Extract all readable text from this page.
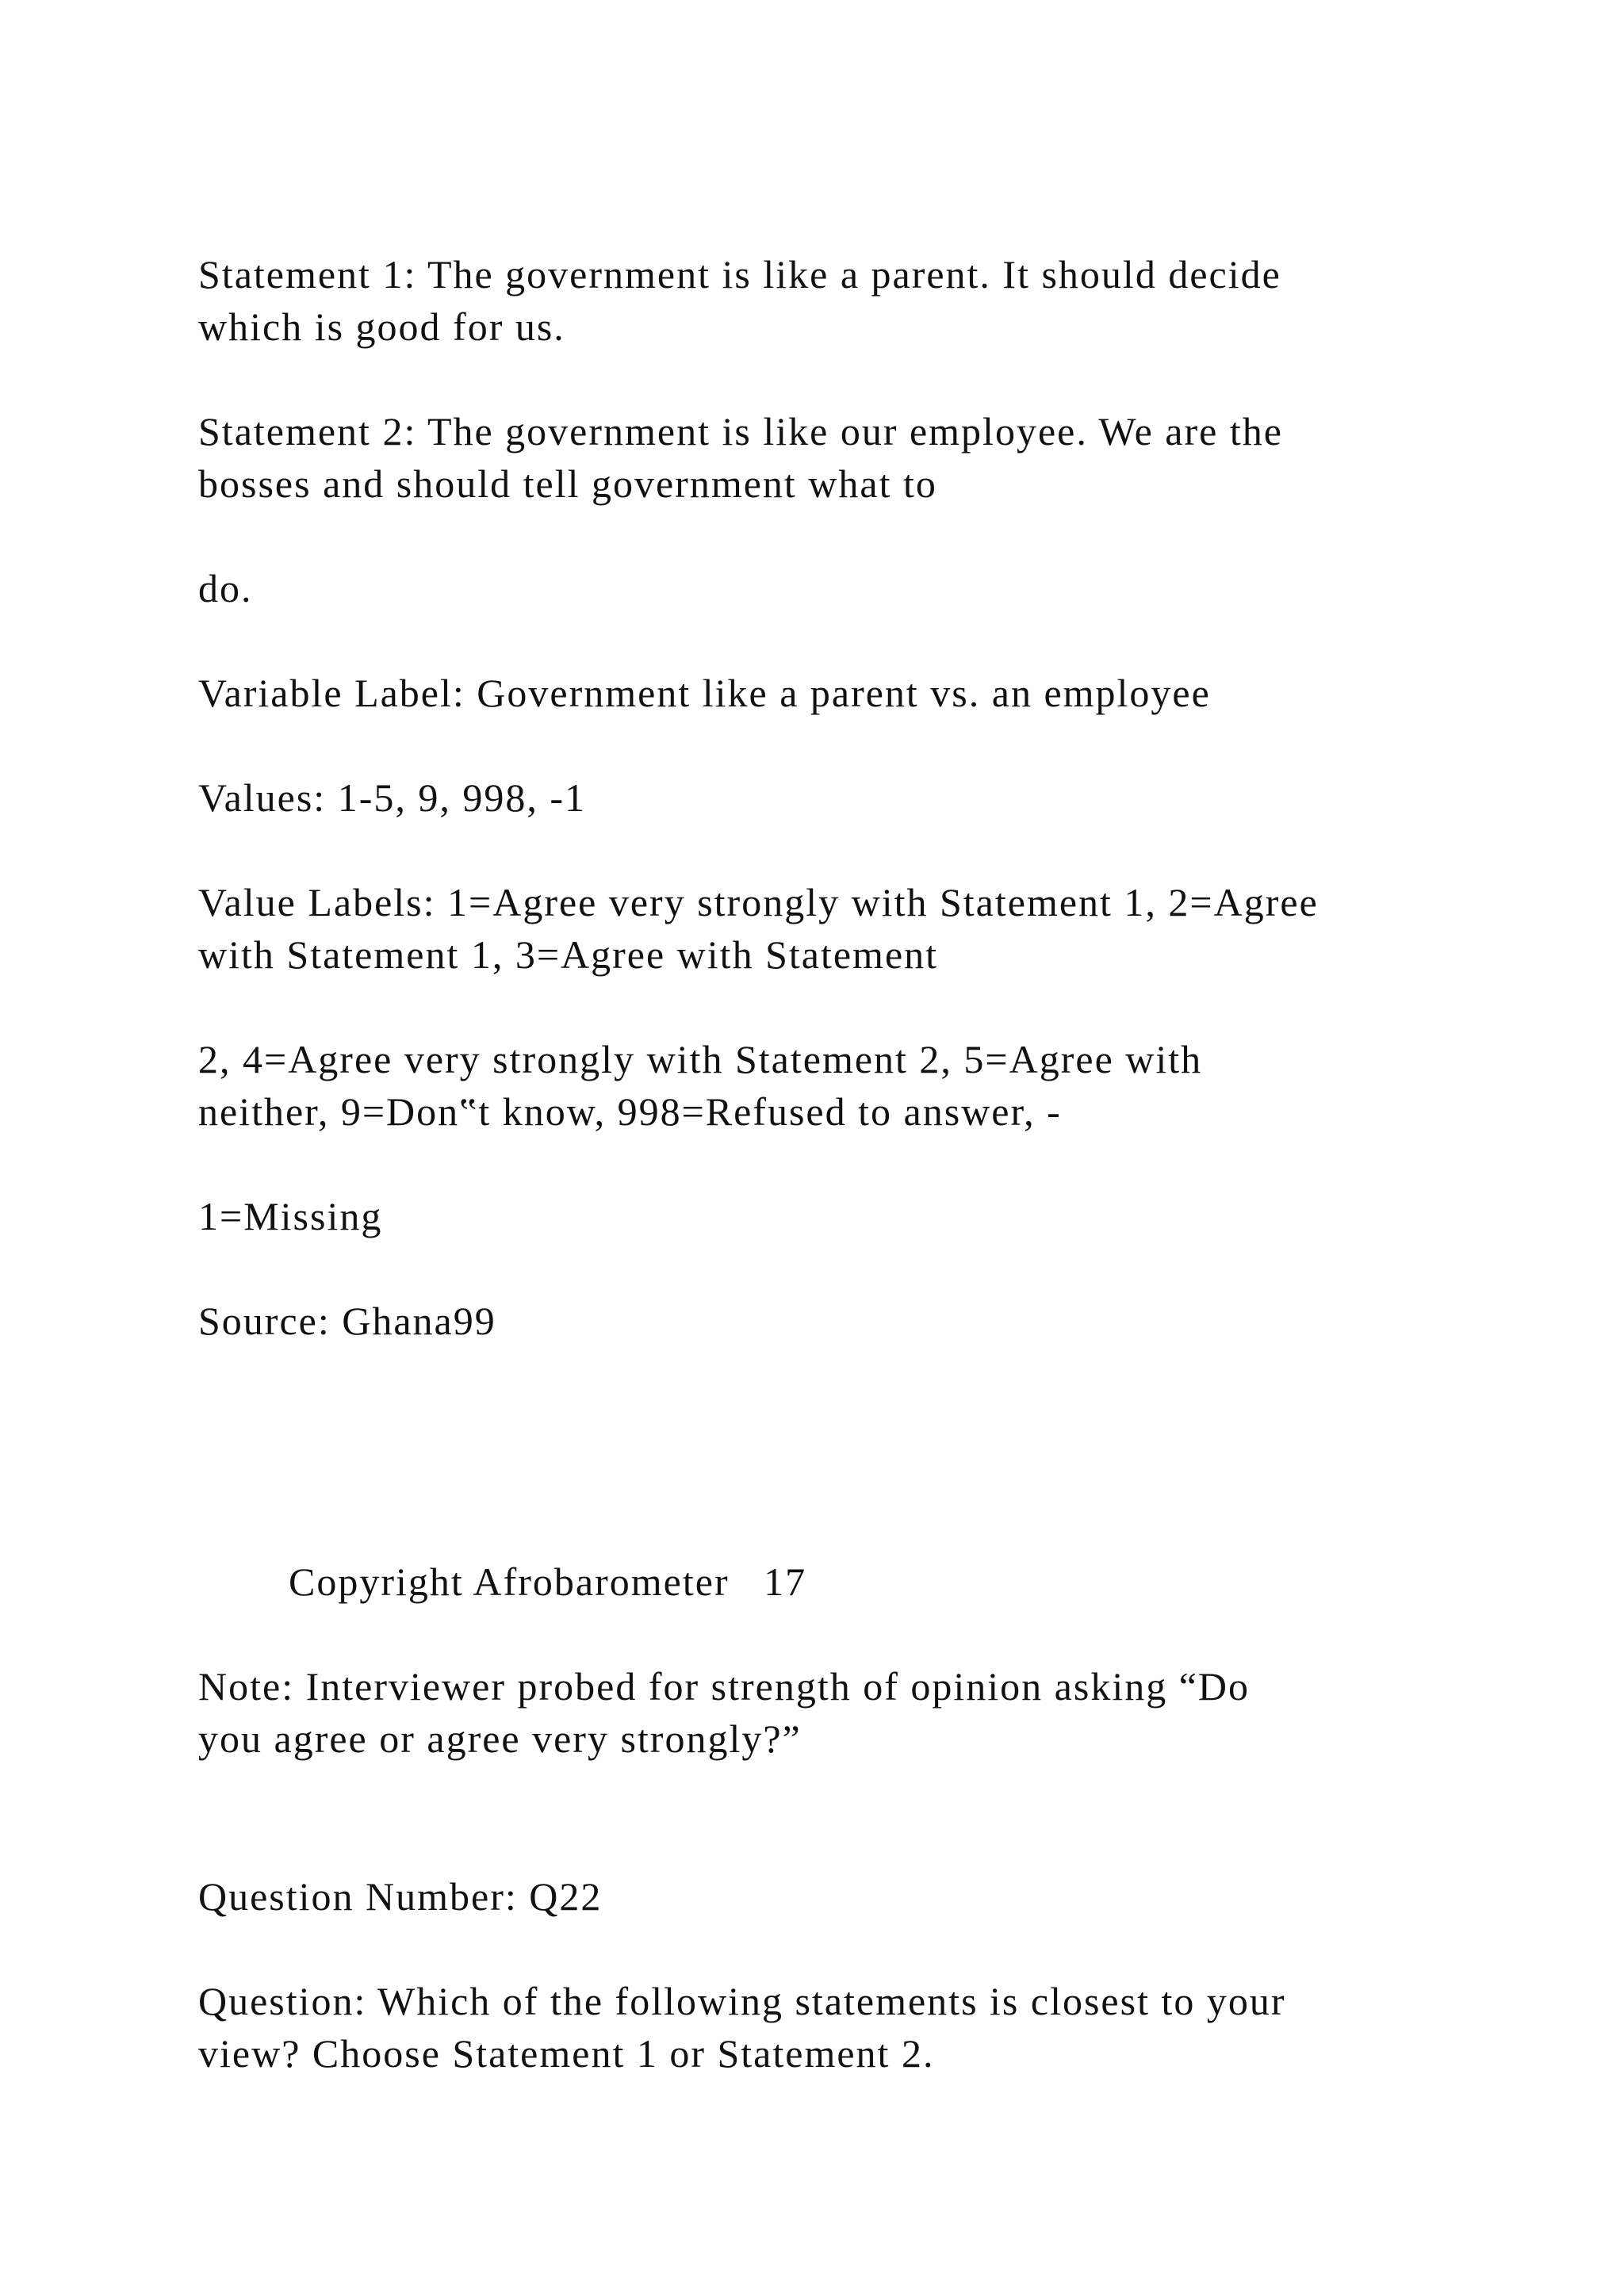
Statement 1: The government is like a parent. It should decide
which is good for us.

Statement 2: The government is like our employee. We are the
bosses and should tell government what to

do.

Variable Label: Government like a parent vs. an employee

Values: 1-5, 9, 998, -1

Value Labels: 1=Agree very strongly with Statement 1, 2=Agree
with Statement 1, 3=Agree with Statement

2, 4=Agree very strongly with Statement 2, 5=Agree with
neither, 9=Don‟t know, 998=Refused to answer, -

1=Missing

Source: Ghana99

Copyright Afrobarometer   17

Note: Interviewer probed for strength of opinion asking “Do
you agree or agree very strongly?”

Question Number: Q22

Question: Which of the following statements is closest to your
view? Choose Statement 1 or Statement 2.
